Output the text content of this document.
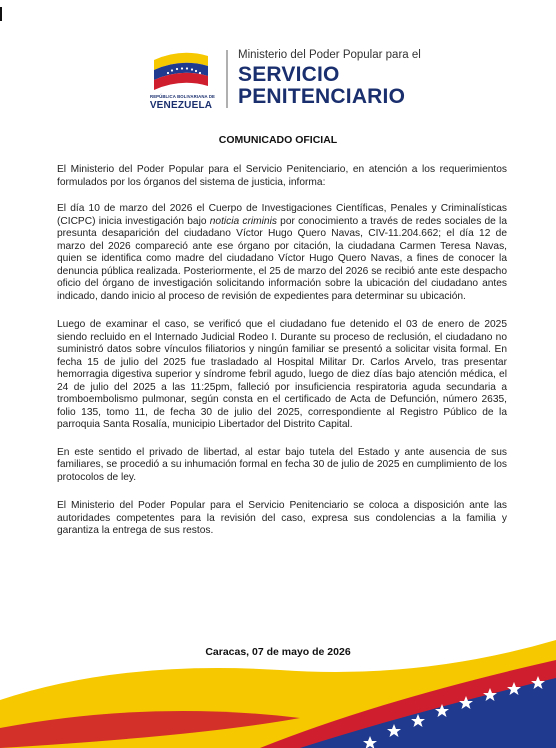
REPÚBLICA BOLIVARIANA DE
VENEZUELA
Ministerio del Poder Popular para el
SERVICIO
PENITENCIARIO
COMUNICADO OFICIAL

El Ministerio del Poder Popular para el Servicio Penitenciario, en atención a los requerimientos formulados por los órganos del sistema de justicia, informa:

El día 10 de marzo del 2026 el Cuerpo de Investigaciones Científicas, Penales y Criminalísticas (CICPC) inicia investigación bajo noticia criminis por conocimiento a través de redes sociales de la presunta desaparición del ciudadano Víctor Hugo Quero Navas, CIV-11.204.662; el día 12 de marzo del 2026 compareció ante ese órgano por citación, la ciudadana Carmen Teresa Navas, quien se identifica como madre del ciudadano Víctor Hugo Quero Navas, a fines de conocer la denuncia pública realizada. Posteriormente, el 25 de marzo del 2026 se recibió ante este despacho oficio del órgano de investigación solicitando información sobre la ubicación del ciudadano antes indicado, dando inicio al proceso de revisión de expedientes para determinar su ubicación.

Luego de examinar el caso, se verificó que el ciudadano fue detenido el 03 de enero de 2025 siendo recluido en el Internado Judicial Rodeo I. Durante su proceso de reclusión, el ciudadano no suministró datos sobre vínculos filiatorios y ningún familiar se presentó a solicitar visita formal. En fecha 15 de julio del 2025 fue trasladado al Hospital Militar Dr. Carlos Arvelo, tras presentar hemorragia digestiva superior y síndrome febril agudo, luego de diez días bajo atención médica, el 24 de julio del 2025 a las 11:25pm, falleció por insuficiencia respiratoria aguda secundaria a tromboembolismo pulmonar, según consta en el certificado de Acta de Defunción, número 2635, folio 135, tomo 11, de fecha 30 de julio del 2025, correspondiente al Registro Público de la parroquia Santa Rosalía, municipio Libertador del Distrito Capital.

En este sentido el privado de libertad, al estar bajo tutela del Estado y ante ausencia de sus familiares, se procedió a su inhumación formal en fecha 30 de julio de 2025 en cumplimiento de los protocolos de ley.

El Ministerio del Poder Popular para el Servicio Penitenciario se coloca a disposición ante las autoridades competentes para la revisión del caso, expresa sus condolencias a la familia y garantiza la entrega de sus restos.

Caracas, 07 de mayo de 2026
